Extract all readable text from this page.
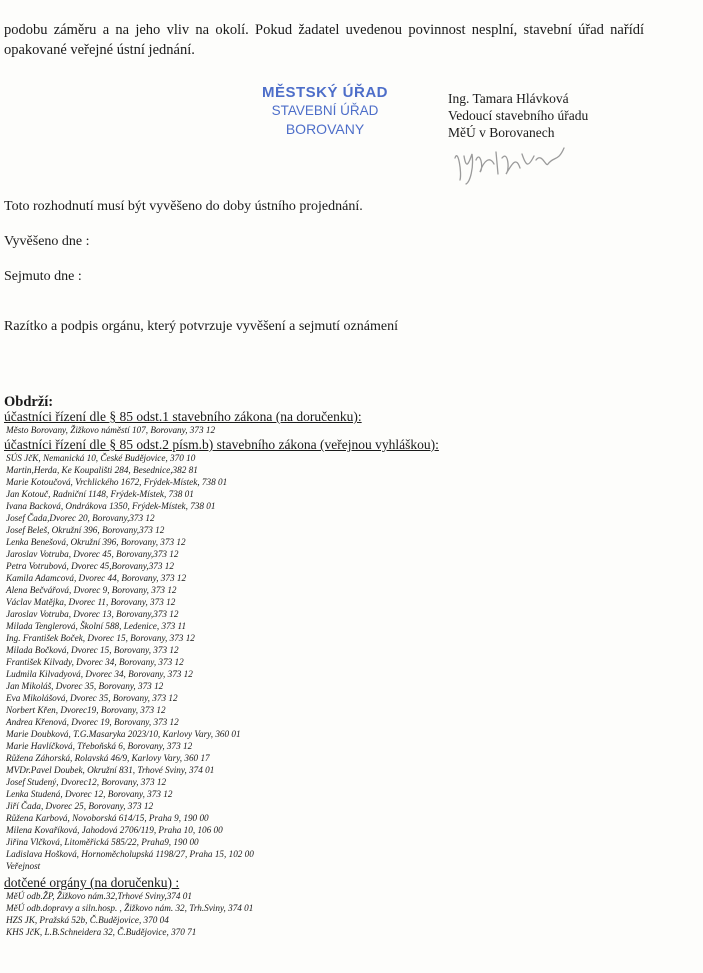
podobu záměru a na jeho vliv na okolí. Pokud žadatel uvedenou povinnost nesplní, stavební úřad nařídí opakované veřejné ústní jednání.
MĚSTSKÝ ÚŘAD
STAVEBNÍ ÚŘAD
BOROVANY
Ing. Tamara Hlávková
Vedoucí stavebního úřadu
MěÚ v Borovanech
Toto rozhodnutí musí být vyvěšeno do doby ústního projednání.
Vyvěšeno dne :
Sejmuto dne :
Razítko a podpis orgánu, který potvrzuje vyvěšení a sejmutí oznámení
Obdrží:
účastníci řízení dle § 85 odst.1 stavebního zákona (na doručenku):
Město Borovany, Žižkovo náměstí 107, Borovany, 373 12
účastníci řízení dle § 85 odst.2 písm.b) stavebního zákona (veřejnou vyhláškou):
SÚS JčK, Nemanická 10, České Budějovice, 370 10
Martin,Herda, Ke Koupališti 284, Besednice,382 81
Marie Kotoučová, Vrchlického 1672, Frýdek-Místek, 738 01
Jan Kotouč, Radniční 1148, Frýdek-Místek, 738 01
Ivana Backová, Ondrákova 1350, Frýdek-Místek, 738 01
Josef Čada,Dvorec 20, Borovany,373 12
Josef Beleš, Okružní 396, Borovany,373 12
Lenka Benešová, Okružní 396, Borovany, 373 12
Jaroslav Votruba, Dvorec 45, Borovany,373 12
Petra Votrubová, Dvorec 45,Borovany,373 12
Kamila Adamcová, Dvorec 44, Borovany, 373 12
Alena Bečvářová, Dvorec 9, Borovany, 373 12
Václav Matějka, Dvorec 11, Borovany, 373 12
Jaroslav Votruba, Dvorec 13, Borovany,373 12
Milada Tenglerová, Školní 588, Ledenice, 373 11
Ing. František Boček, Dvorec 15, Borovany, 373 12
Milada Bočková, Dvorec 15, Borovany, 373 12
František Kilvady, Dvorec 34, Borovany, 373 12
Ludmila Kilvadyová, Dvorec 34, Borovany, 373 12
Jan Mikoláš, Dvorec 35, Borovany, 373 12
Eva Mikolášová, Dvorec 35, Borovany, 373 12
Norbert Křen, Dvorec19, Borovany, 373 12
Andrea Křenová, Dvorec 19, Borovany, 373 12
Marie Doubková, T.G.Masaryka 2023/10, Karlovy Vary, 360 01
Marie Havlíčková, Třeboňská 6, Borovany, 373 12
Růžena Záhorská, Rolavská 46/9, Karlovy Vary, 360 17
MVDr.Pavel Doubek, Okružní 831, Trhové Sviny, 374 01
Josef Studený, Dvorec12, Borovany, 373 12
Lenka Studená, Dvorec 12, Borovany, 373 12
Jiří Čada, Dvorec 25, Borovany, 373 12
Růžena Karbová, Novoborská 614/15, Praha 9, 190 00
Milena Kovaříková, Jahodová 2706/119, Praha 10, 106 00
Jiřina Vlčková, Litoměřická 585/22, Praha9, 190 00
Ladislava Hošková, Hornoměcholupská 1198/27, Praha 15, 102 00
Veřejnost
dotčené orgány (na doručenku) :
MěÚ odb.ŽP, Žižkovo nám.32,Trhové Sviny,374 01
MěÚ odb.dopravy a siln.hosp. , Žižkovo nám. 32, Trh.Sviny, 374 01
HZS JK, Pražská 52b, Č.Budějovice, 370 04
KHS JčK, L.B.Schneidera 32, Č.Budějovice, 370 71
